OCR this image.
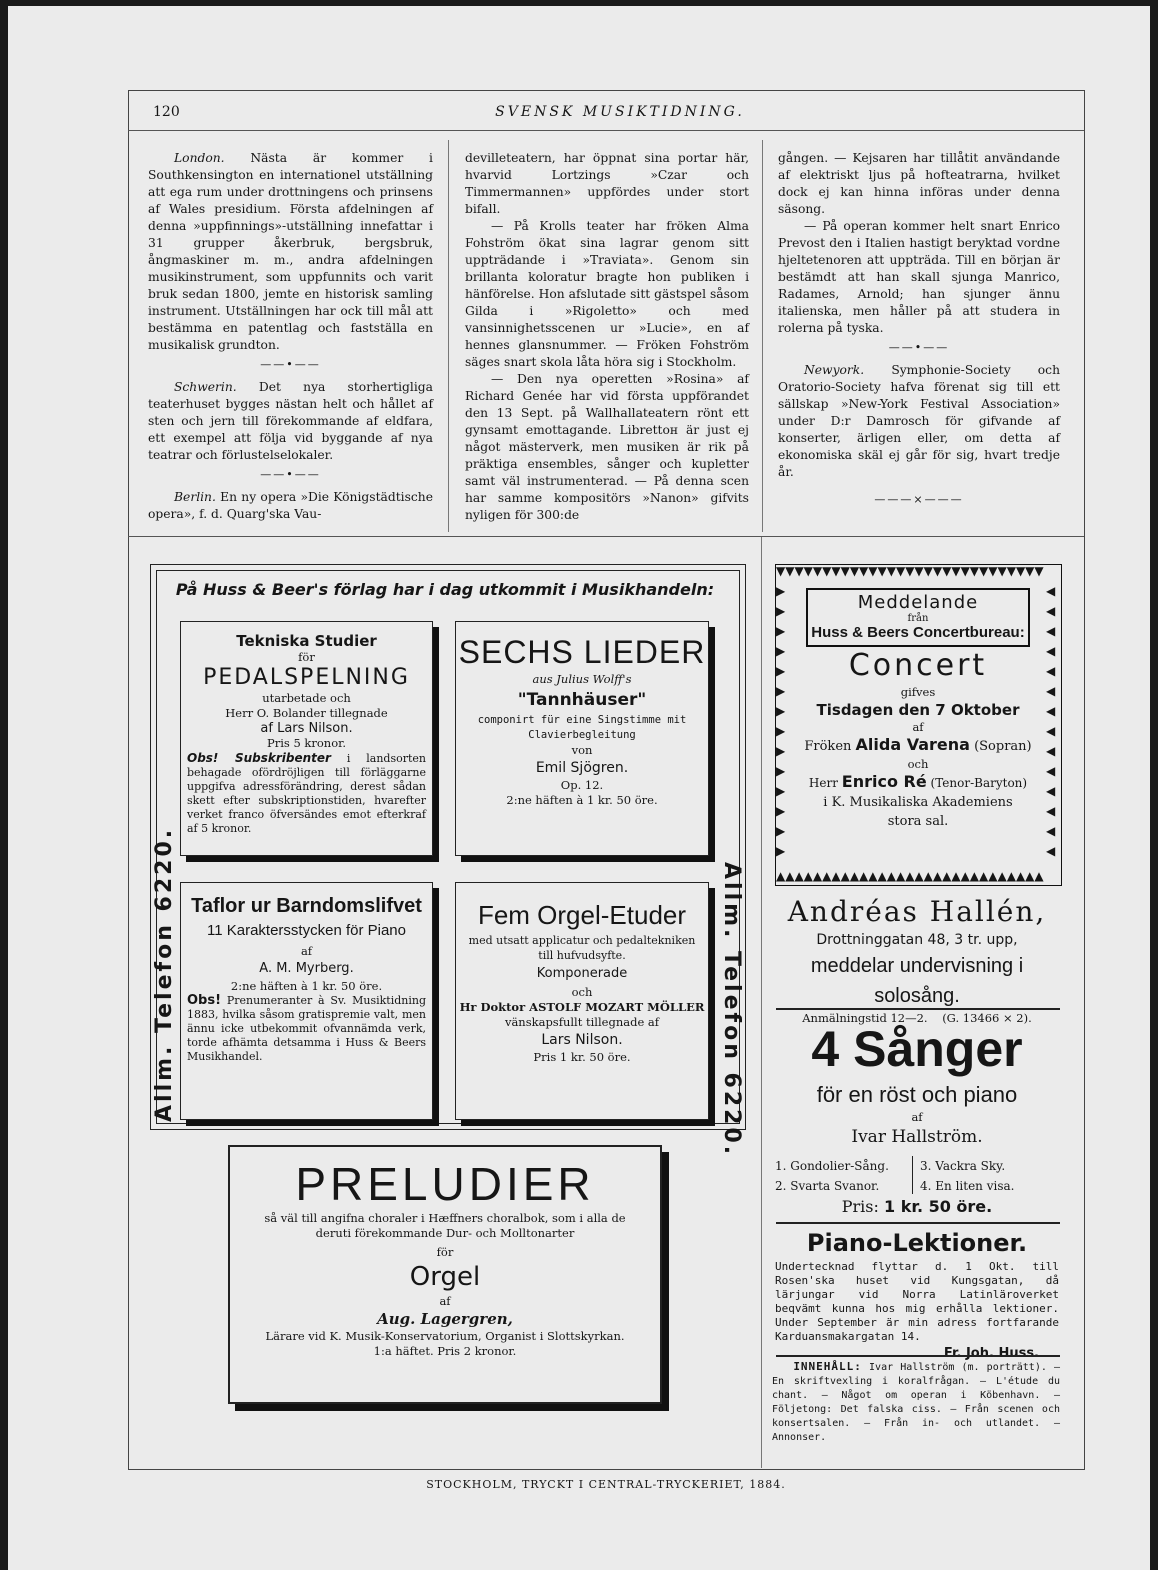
120	SVENSK MUSIKTIDNING.

London. Nästa är kommer i Southkensington en internationel utställning att ega rum under drottningens och prinsens af Wales presidium. Första afdelningen af denna »uppfinnings»-utställning innefattar i 31 grupper åkerbruk, bergsbruk, ångmaskiner m. m., andra afdelningen musikinstrument, som uppfunnits och varit bruk sedan 1800, jemte en historisk samling instrument. Utställningen har ock till mål att bestämma en patentlag och fastställa en musikalisk grundton.

——•——

Schwerin. Det nya storhertigliga teaterhuset bygges nästan helt och hållet af sten och jern till förekommande af eldfara, ett exempel att följa vid byggande af nya teatrar och förlustelselokaler.

——•——

Berlin. En ny opera »Die Königstädtische opera», f. d. Quarg'ska Vau-

devilleteatern, har öppnat sina portar här, hvarvid Lortzings »Czar och Timmermannen» uppfördes under stort bifall.

— På Krolls teater har fröken Alma Fohström ökat sina lagrar genom sitt uppträdande i »Traviata». Genom sin brillanta koloratur bragte hon publiken i hänförelse. Hon afslutade sitt gästspel såsom Gilda i »Rigoletto» och med vansinnighetsscenen ur »Lucie», en af hennes glansnummer. — Fröken Fohström säges snart skola låta höra sig i Stockholm.

— Den nya operetten »Rosina» af Richard Genée har vid första uppförandet den 13 Sept. på Wallhallateatern rönt ett gynsamt emottagande. Librettон är just ej något mästerverk, men musiken är rik på präktiga ensembles, sånger och kupletter samt väl instrumenterad. — På denna scen har samme kompositörs »Nanon» gifvits nyligen för 300:de

gången. — Kejsaren har tillåtit användande af elektriskt ljus på hofteatrarna, hvilket dock ej kan hinna införas under denna säsong.

— På operan kommer helt snart Enrico Prevost den i Italien hastigt beryktad vordne hjeltetenoren att uppträda. Till en början är bestämdt att han skall sjunga Manrico, Radames, Arnold; han sjunger ännu italienska, men håller på att studera in rolerna på tyska.

——•——

Newyork. Symphonie-Society och Oratorio-Society hafva förenat sig till ett sällskap »New-York Festival Association» under D:r Damrosch för gifvande af konserter, ärligen eller, om detta af ekonomiska skäl ej går för sig, hvart tredje år.

———×———
På Huss & Beer's förlag har i dag utkommit i Musikhandeln:
Allm. Telefon 6220.	Allm. Telefon 6220.
Tekniska Studier
för
PEDALSPELNING
utarbetade och
Herr O. Bolander tillegnade
af Lars Nilson.
Pris 5 kronor.
Obs! Subskribenter i landsorten behagade ofördröjligen till förläggarne uppgifva adressförändring, derest sådan skett efter subskriptionstiden, hvarefter verket franco öfversändes emot efterkraf af 5 kronor.
SECHS LIEDER
aus Julius Wolff's
"Tannhäuser"
componirt für eine Singstimme mit Clavierbegleitung
von
Emil Sjögren.
Op. 12.
2:ne häften à 1 kr. 50 öre.
Taflor ur Barndomslifvet
11 Karaktersstycken för Piano
af
A. M. Myrberg.
2:ne häften à 1 kr. 50 öre.
Obs! Prenumeranter à Sv. Musiktidning 1883, hvilka såsom gratispremie valt, men ännu icke utbekommit ofvannämda verk, torde afhämta detsamma i Huss & Beers Musikhandel.
Fem Orgel-Etuder
med utsatt applicatur och pedaltekniken till hufvudsyfte.
Komponerade
och
Hr Doktor ASTOLF MOZART MÖLLER
vänskapsfullt tillegnade af
Lars Nilson.
Pris 1 kr. 50 öre.
PRELUDIER
så väl till angifna choraler i Hæffners choralbok, som i alla de deruti förekommande Dur- och Molltonarter
för
Orgel
af
Aug. Lagergren,
Lärare vid K. Musik-Konservatorium, Organist i Slottskyrkan.
1:a häftet. Pris 2 kronor.
▼▼▼▼▼▼▼▼▼▼▼▼▼▼▼▼▼▼▼▼▼▼▼▼▼▼▼▼▼
▲▲▲▲▲▲▲▲▲▲▲▲▲▲▲▲▲▲▲▲▲▲▲▲▲▲▲▲▲
Meddelande
från
Huss & Beers Concertbureau:
Concert
gifves
Tisdagen den 7 Oktober
af
Fröken Alida Varena (Sopran)
och
Herr Enrico Ré (Tenor-Baryton)
i K. Musikaliska Akademiens
stora sal.
Andréas Hallén,
Drottninggatan 48, 3 tr. upp,
meddelar undervisning i solosång.
Anmälningstid 12—2. (G. 13466 × 2).
4 Sånger
för en röst och piano
af
Ivar Hallström.
1. Gondolier-Sång.
2. Svarta Svanor.
3. Vackra Sky.
4. En liten visa.
Pris: 1 kr. 50 öre.
Piano-Lektioner.
Undertecknad flyttar d. 1 Okt. till Rosen'ska huset vid Kungsgatan, då lärjungar vid Norra Latinläroverket beqvämt kunna hos mig erhålla lektioner. Under September är min adress fortfarande Karduansmakargatan 14.
Fr. Joh. Huss.
INNEHÅLL: Ivar Hallström (m. porträtt). — En skriftvexling i koralfrågan. — L'étude du chant. — Något om operan i Köbenhavn. — Följetong: Det falska ciss. — Från scenen och konsertsalen. — Från in- och utlandet. — Annonser.
STOCKHOLM, TRYCKT I CENTRAL-TRYCKERIET, 1884.
▶
▶
▶
▶
▶
▶
▶
▶
▶
▶
▶
▶
▶
▶
◀
◀
◀
◀
◀
◀
◀
◀
◀
◀
◀
◀
◀
◀
